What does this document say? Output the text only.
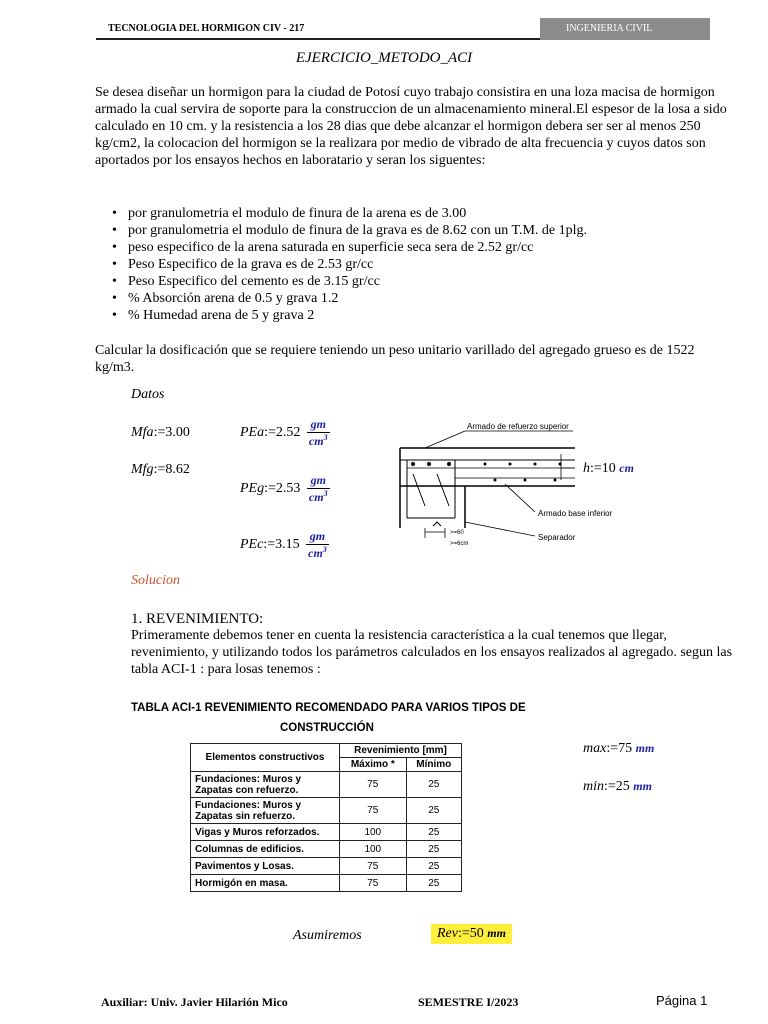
TECNOLOGIA DEL HORMIGON CIV - 217	INGENIERIA CIVIL
EJERCICIO_METODO_ACI
Se desea diseñar un hormigon para la ciudad de Potosí cuyo trabajo consistira en una loza macisa de hormigon armado la cual servira de soporte para la construccion de un almacenamiento mineral.El espesor de la losa a sido calculado en 10 cm. y la resistencia a los 28 dias que debe alcanzar el hormigon debera ser ser al menos 250 kg/cm2, la colocacion del hormigon se la realizara por medio de vibrado de alta frecuencia y cuyos datos son aportados por los ensayos hechos en laboratario y seran los siguentes:
• por granulometria el modulo de finura de la arena es de 3.00
• por granulometria el modulo de finura de la grava es de 8.62 con un T.M. de 1plg.
• peso especifico de la arena saturada en superficie seca sera de 2.52 gr/cc
• Peso Especifico de la grava es de 2.53 gr/cc
• Peso Especifico del cemento es de 3.15 gr/cc
• % Absorción arena de 0.5 y grava 1.2
• % Humedad arena de 5 y grava 2
Calcular la dosificación que se requiere teniendo un peso unitario varillado del agregado grueso es de 1522 kg/m3.
Datos
Mfa:=3.00
Mfg:=8.62
PEa:=2.52 $\frac{gm}{cm^3}$
PEg:=2.53 $\frac{gm}{cm^3}$
PEc:=3.15 $\frac{gm}{cm^3}$
Armado de refuerzo superior
Armado base inferior
Separador
>=60
>=6cm
h:=10 cm
Solucion
1. REVENIMIENTO:
Primeramente debemos tener en cuenta la resistencia característica a la cual tenemos que llegar, revenimiento, y utilizando todos los parámetros calculados en los ensayos realizados al agregado. segun las tabla ACI-1 : para losas tenemos :
TABLA ACI-1 REVENIMIENTO RECOMENDADO PARA VARIOS TIPOS DE
CONSTRUCCIÓN
Elementos constructivos	Revenimiento [mm]	
	Máximo *	Mínimo
Fundaciones: Muros y Zapatas con refuerzo.	75	25
Fundaciones: Muros y Zapatas sin refuerzo.	75	25
Vigas y Muros reforzados.	100	25
Columnas de edificios.	100	25
Pavimentos y Losas.	75	25
Hormigón en masa.	75	25
max:=75 mm
min:=25 mm
Asumiremos	Rev:=50 mm
Auxiliar: Univ. Javier Hilarión Mico	SEMESTRE I/2023	Página 1
